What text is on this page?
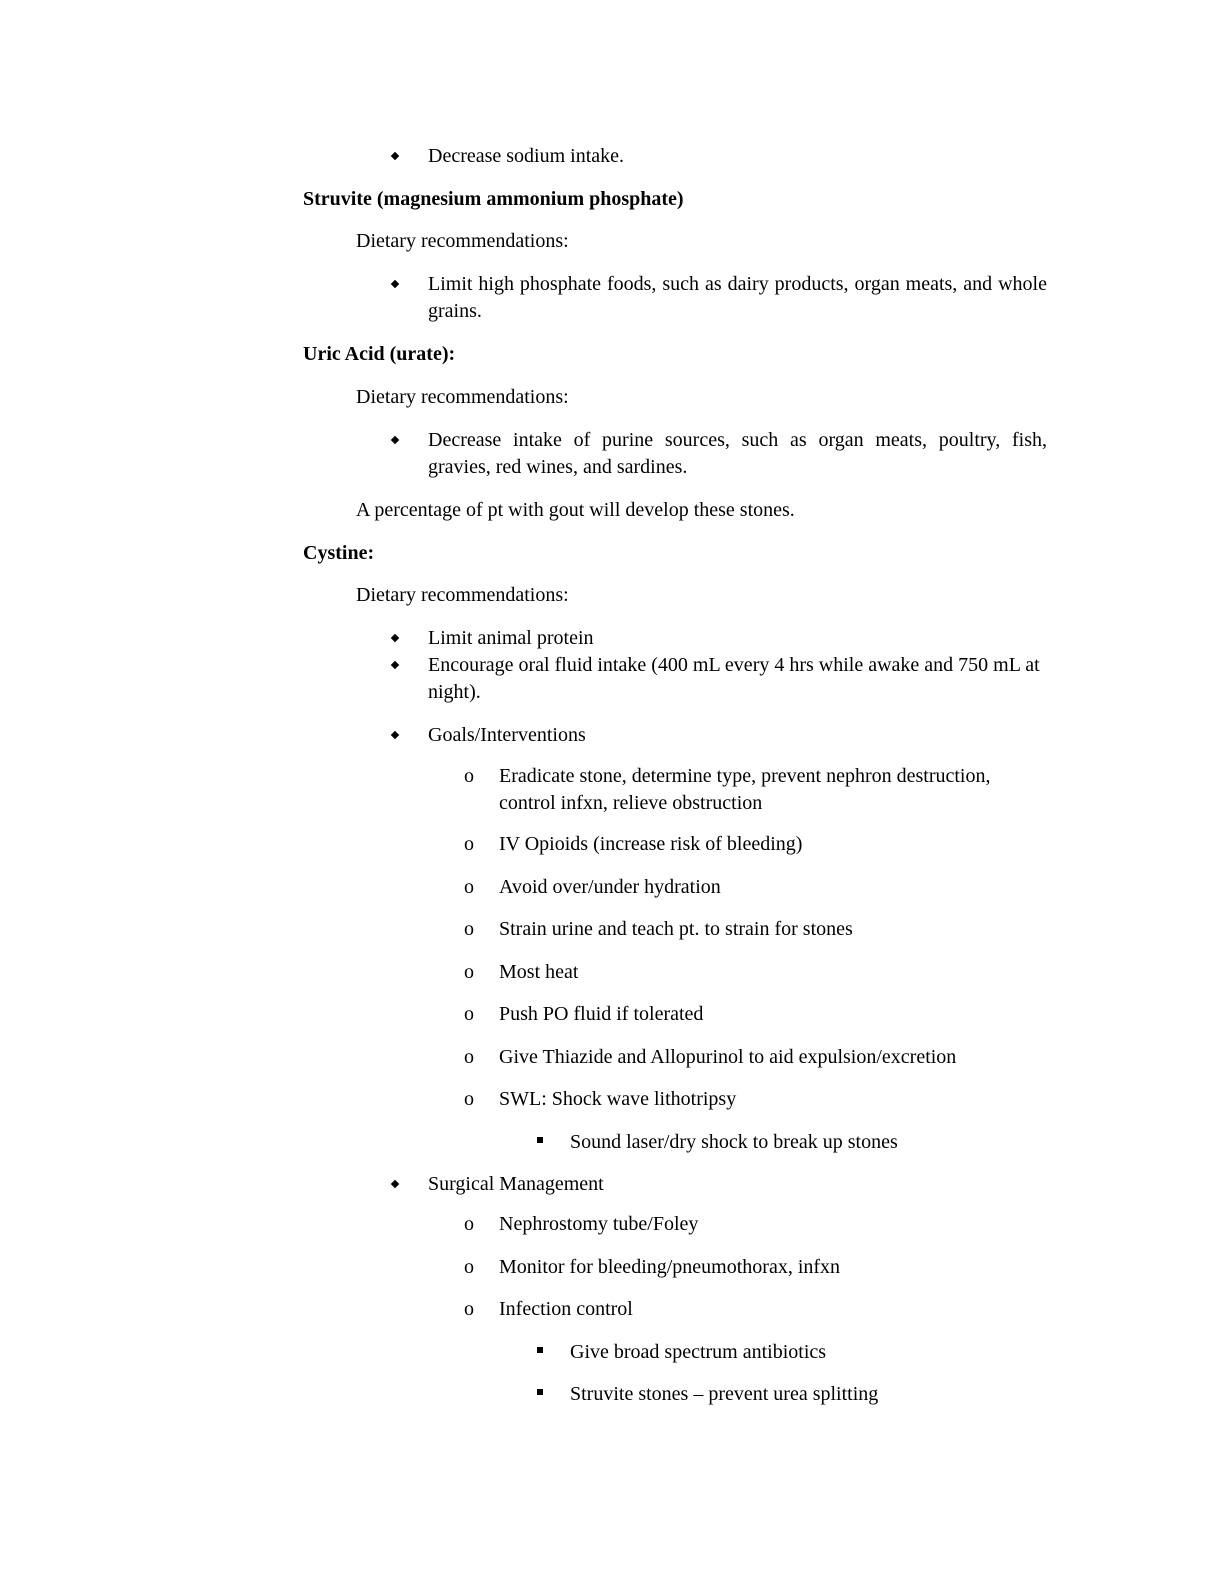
Decrease sodium intake.
Struvite (magnesium ammonium phosphate)
Dietary recommendations:
Limit high phosphate foods, such as dairy products, organ meats, and whole grains.
Uric Acid (urate):
Dietary recommendations:
Decrease intake of purine sources, such as organ meats, poultry, fish, gravies, red wines, and sardines.
A percentage of pt with gout will develop these stones.
Cystine:
Dietary recommendations:
Limit animal protein
Encourage oral fluid intake (400 mL every 4 hrs while awake and 750 mL at night).
Goals/Interventions
o Eradicate stone, determine type, prevent nephron destruction, control infxn, relieve obstruction
o IV Opioids (increase risk of bleeding)
o Avoid over/under hydration
o Strain urine and teach pt. to strain for stones
o Most heat
o Push PO fluid if tolerated
o Give Thiazide and Allopurinol to aid expulsion/excretion
o SWL: Shock wave lithotripsy
Sound laser/dry shock to break up stones
Surgical Management
o Nephrostomy tube/Foley
o Monitor for bleeding/pneumothorax, infxn
o Infection control
Give broad spectrum antibiotics
Struvite stones – prevent urea splitting
